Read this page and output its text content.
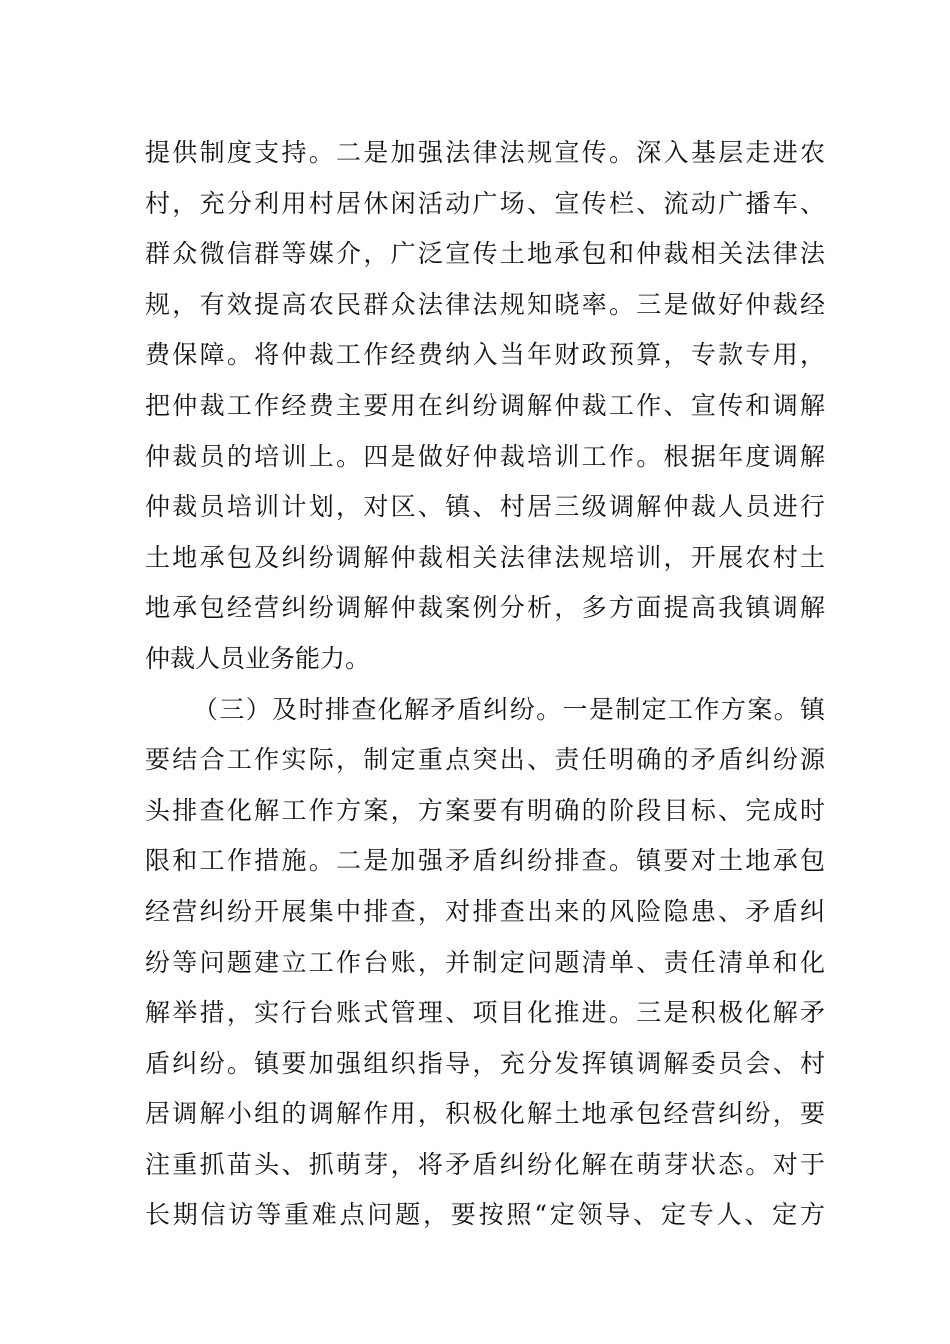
提供制度支持。二是加强法律法规宣传。深入基层走进农
村，充分利用村居休闲活动广场、宣传栏、流动广播车、
群众微信群等媒介，广泛宣传土地承包和仲裁相关法律法
规，有效提高农民群众法律法规知晓率。三是做好仲裁经
费保障。将仲裁工作经费纳入当年财政预算，专款专用，
把仲裁工作经费主要用在纠纷调解仲裁工作、宣传和调解
仲裁员的培训上。四是做好仲裁培训工作。根据年度调解
仲裁员培训计划，对区、镇、村居三级调解仲裁人员进行
土地承包及纠纷调解仲裁相关法律法规培训，开展农村土
地承包经营纠纷调解仲裁案例分析，多方面提高我镇调解
仲裁人员业务能力。
（三）及时排查化解矛盾纠纷。一是制定工作方案。镇
要结合工作实际，制定重点突出、责任明确的矛盾纠纷源
头排查化解工作方案，方案要有明确的阶段目标、完成时
限和工作措施。二是加强矛盾纠纷排查。镇要对土地承包
经营纠纷开展集中排查，对排查出来的风险隐患、矛盾纠
纷等问题建立工作台账，并制定问题清单、责任清单和化
解举措，实行台账式管理、项目化推进。三是积极化解矛
盾纠纷。镇要加强组织指导，充分发挥镇调解委员会、村
居调解小组的调解作用，积极化解土地承包经营纠纷，要
注重抓苗头、抓萌芽，将矛盾纠纷化解在萌芽状态。对于
长期信访等重难点问题，要按照“定领导、定专人、定方
